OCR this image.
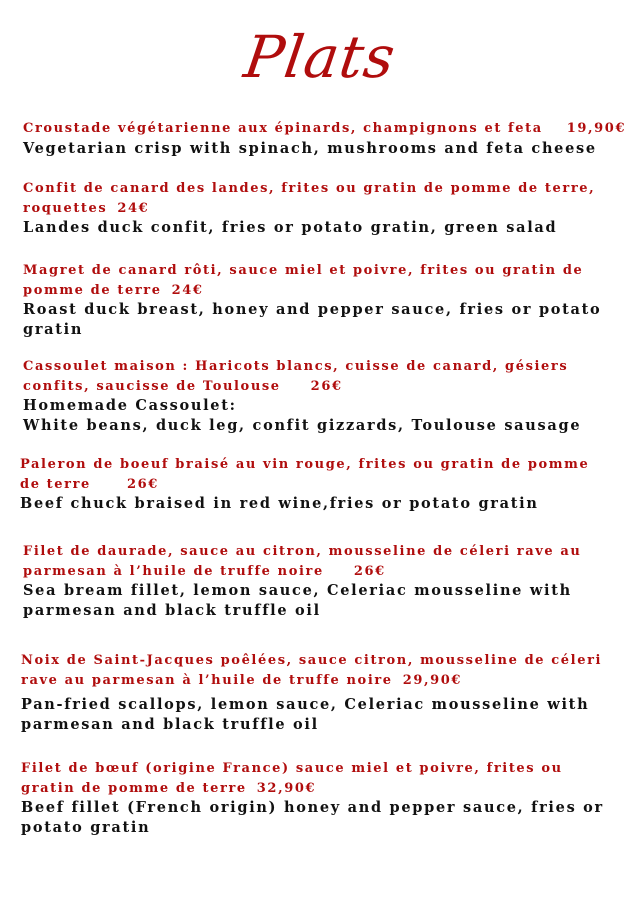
Plats
Croustade végétarienne aux épinards, champignons et feta 19,90€
Vegetarian crisp with spinach, mushrooms and feta cheese
Confit de canard des landes, frites ou gratin de pomme de terre,
roquettes 24€
Landes duck confit, fries or potato gratin, green salad
Magret de canard rôti, sauce miel et poivre, frites ou gratin de
pomme de terre 24€
Roast duck breast, honey and pepper sauce, fries or potato
gratin
Cassoulet maison : Haricots blancs, cuisse de canard, gésiers
confits, saucisse de Toulouse 26€
Homemade Cassoulet:
White beans, duck leg, confit gizzards, Toulouse sausage
Paleron de boeuf braisé au vin rouge, frites ou gratin de pomme
de terre	26€
Beef chuck braised in red wine,fries or potato gratin
Filet de daurade, sauce au citron, mousseline de céleri rave au
parmesan à l’huile de truffe noire 26€
Sea bream fillet, lemon sauce, Celeriac mousseline with
parmesan and black truffle oil
Noix de Saint-Jacques poêlées, sauce citron, mousseline de céleri
rave au parmesan à l’huile de truffe noire 29,90€
Pan-fried scallops, lemon sauce, Celeriac mousseline with
parmesan and black truffle oil
Filet de bœuf (origine France) sauce miel et poivre, frites ou
gratin de pomme de terre 32,90€
Beef fillet (French origin) honey and pepper sauce, fries or
potato gratin
